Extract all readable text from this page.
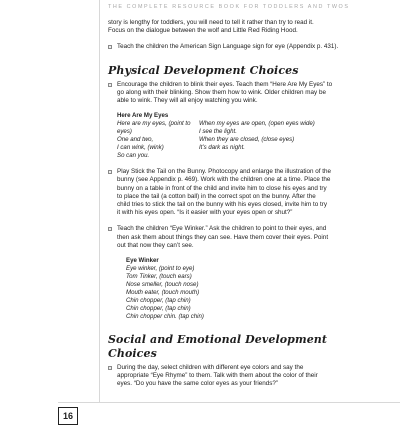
THE COMPLETE RESOURCE BOOK FOR TODDLERS AND TWOS

story is lengthy for toddlers, you will need to tell it rather than try to read it.

Focus on the dialogue between the wolf and Little Red Riding Hood.

Teach the children the American Sign Language sign for eye (Appendix p. 431).

Physical Development Choices

Encourage the children to blink their eyes. Teach them “Here Are My Eyes” to

go along with their blinking. Show them how to wink. Older children may be

able to wink. They will all enjoy watching you wink.

Here Are My Eyes

Here are my eyes, (point to eyes)

One and two,

I can wink, (wink)

So can you.

When my eyes are open, (open eyes wide)

I see the light.

When they are closed, (close eyes)

It’s dark as night.

Play Stick the Tail on the Bunny. Photocopy and enlarge the illustration of the

bunny (see Appendix p. 469). Work with the children one at a time. Place the

bunny on a table in front of the child and invite him to close his eyes and try

to place the tail (a cotton ball) in the correct spot on the bunny. After the

child tries to stick the tail on the bunny with his eyes closed, invite him to try

it with his eyes open. “Is it easier with your eyes open or shut?”

Teach the children “Eye Winker.” Ask the children to point to their eyes, and

then ask them about things they can see. Have them cover their eyes. Point

out that now they can’t see.

Eye Winker

Eye winker, (point to eye)

Tom Tinker, (touch ears)

Nose smeller, (touch nose)

Mouth eater, (touch mouth)

Chin chopper, (tap chin)

Chin chopper, (tap chin)

Chin chopper chin. (tap chin)

Social and Emotional Development Choices

During the day, select children with different eye colors and say the

appropriate “Eye Rhyme” to them. Talk with them about the color of their

eyes. “Do you have the same color eyes as your friends?”

16
